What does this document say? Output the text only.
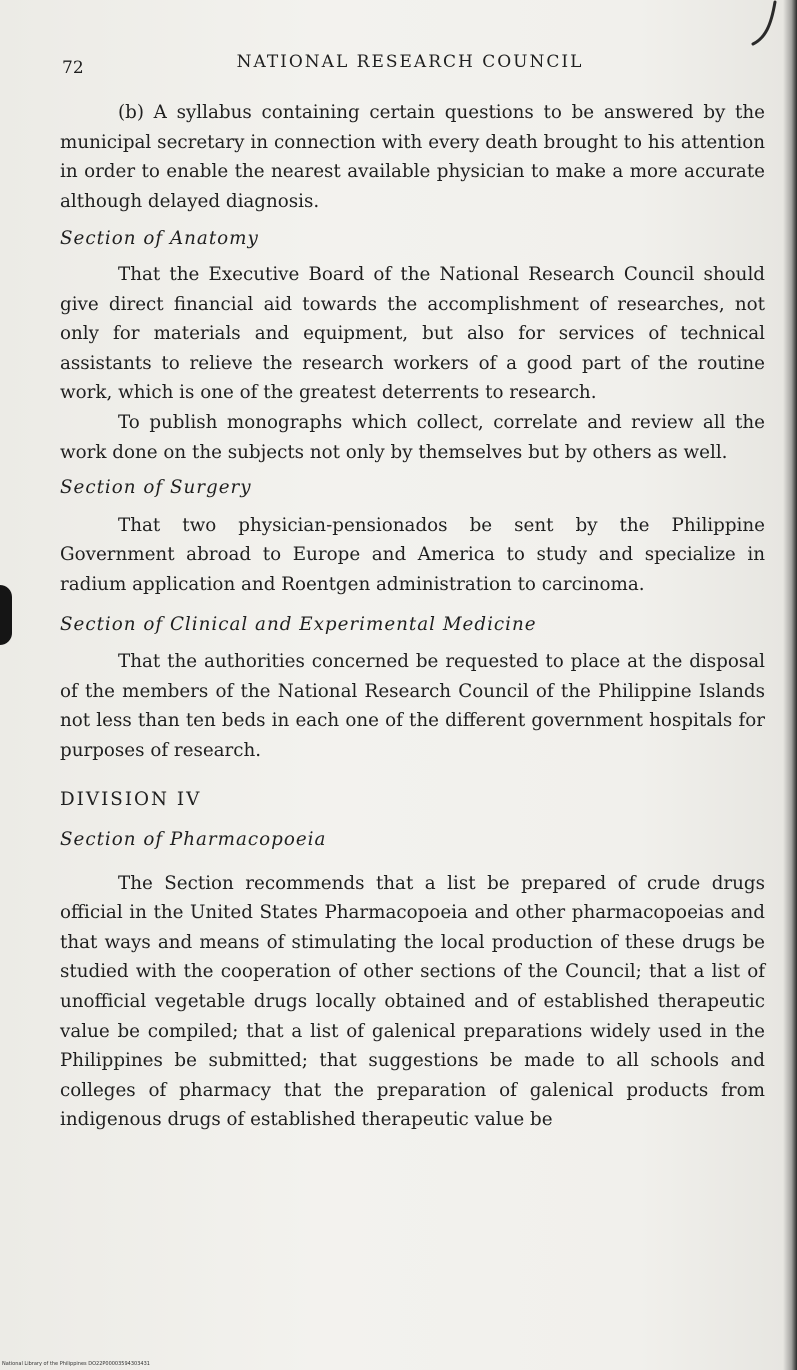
72	NATIONAL RESEARCH COUNCIL

(b) A syllabus containing certain questions to be answered by the municipal secretary in connection with every death brought to his attention in order to enable the nearest available physician to make a more accurate although delayed diagnosis.

Section of Anatomy

That the Executive Board of the National Research Council should give direct financial aid towards the accomplishment of researches, not only for materials and equipment, but also for services of technical assistants to relieve the research workers of a good part of the routine work, which is one of the greatest deterrents to research.

To publish monographs which collect, correlate and review all the work done on the subjects not only by themselves but by others as well.

Section of Surgery

That two physician-pensionados be sent by the Philippine Government abroad to Europe and America to study and specialize in radium application and Roentgen administration to carcinoma.

Section of Clinical and Experimental Medicine

That the authorities concerned be requested to place at the disposal of the members of the National Research Council of the Philippine Islands not less than ten beds in each one of the different government hospitals for purposes of research.

DIVISION IV

Section of Pharmacopoeia

The Section recommends that a list be prepared of crude drugs official in the United States Pharmacopoeia and other pharmacopoeias and that ways and means of stimulating the local production of these drugs be studied with the cooperation of other sections of the Council; that a list of unofficial vegetable drugs locally obtained and of established therapeutic value be compiled; that a list of galenical preparations widely used in the Philippines be submitted; that suggestions be made to all schools and colleges of pharmacy that the preparation of galenical products from indigenous drugs of established therapeutic value be

National Library of the Philippines DO22P00003594303431
